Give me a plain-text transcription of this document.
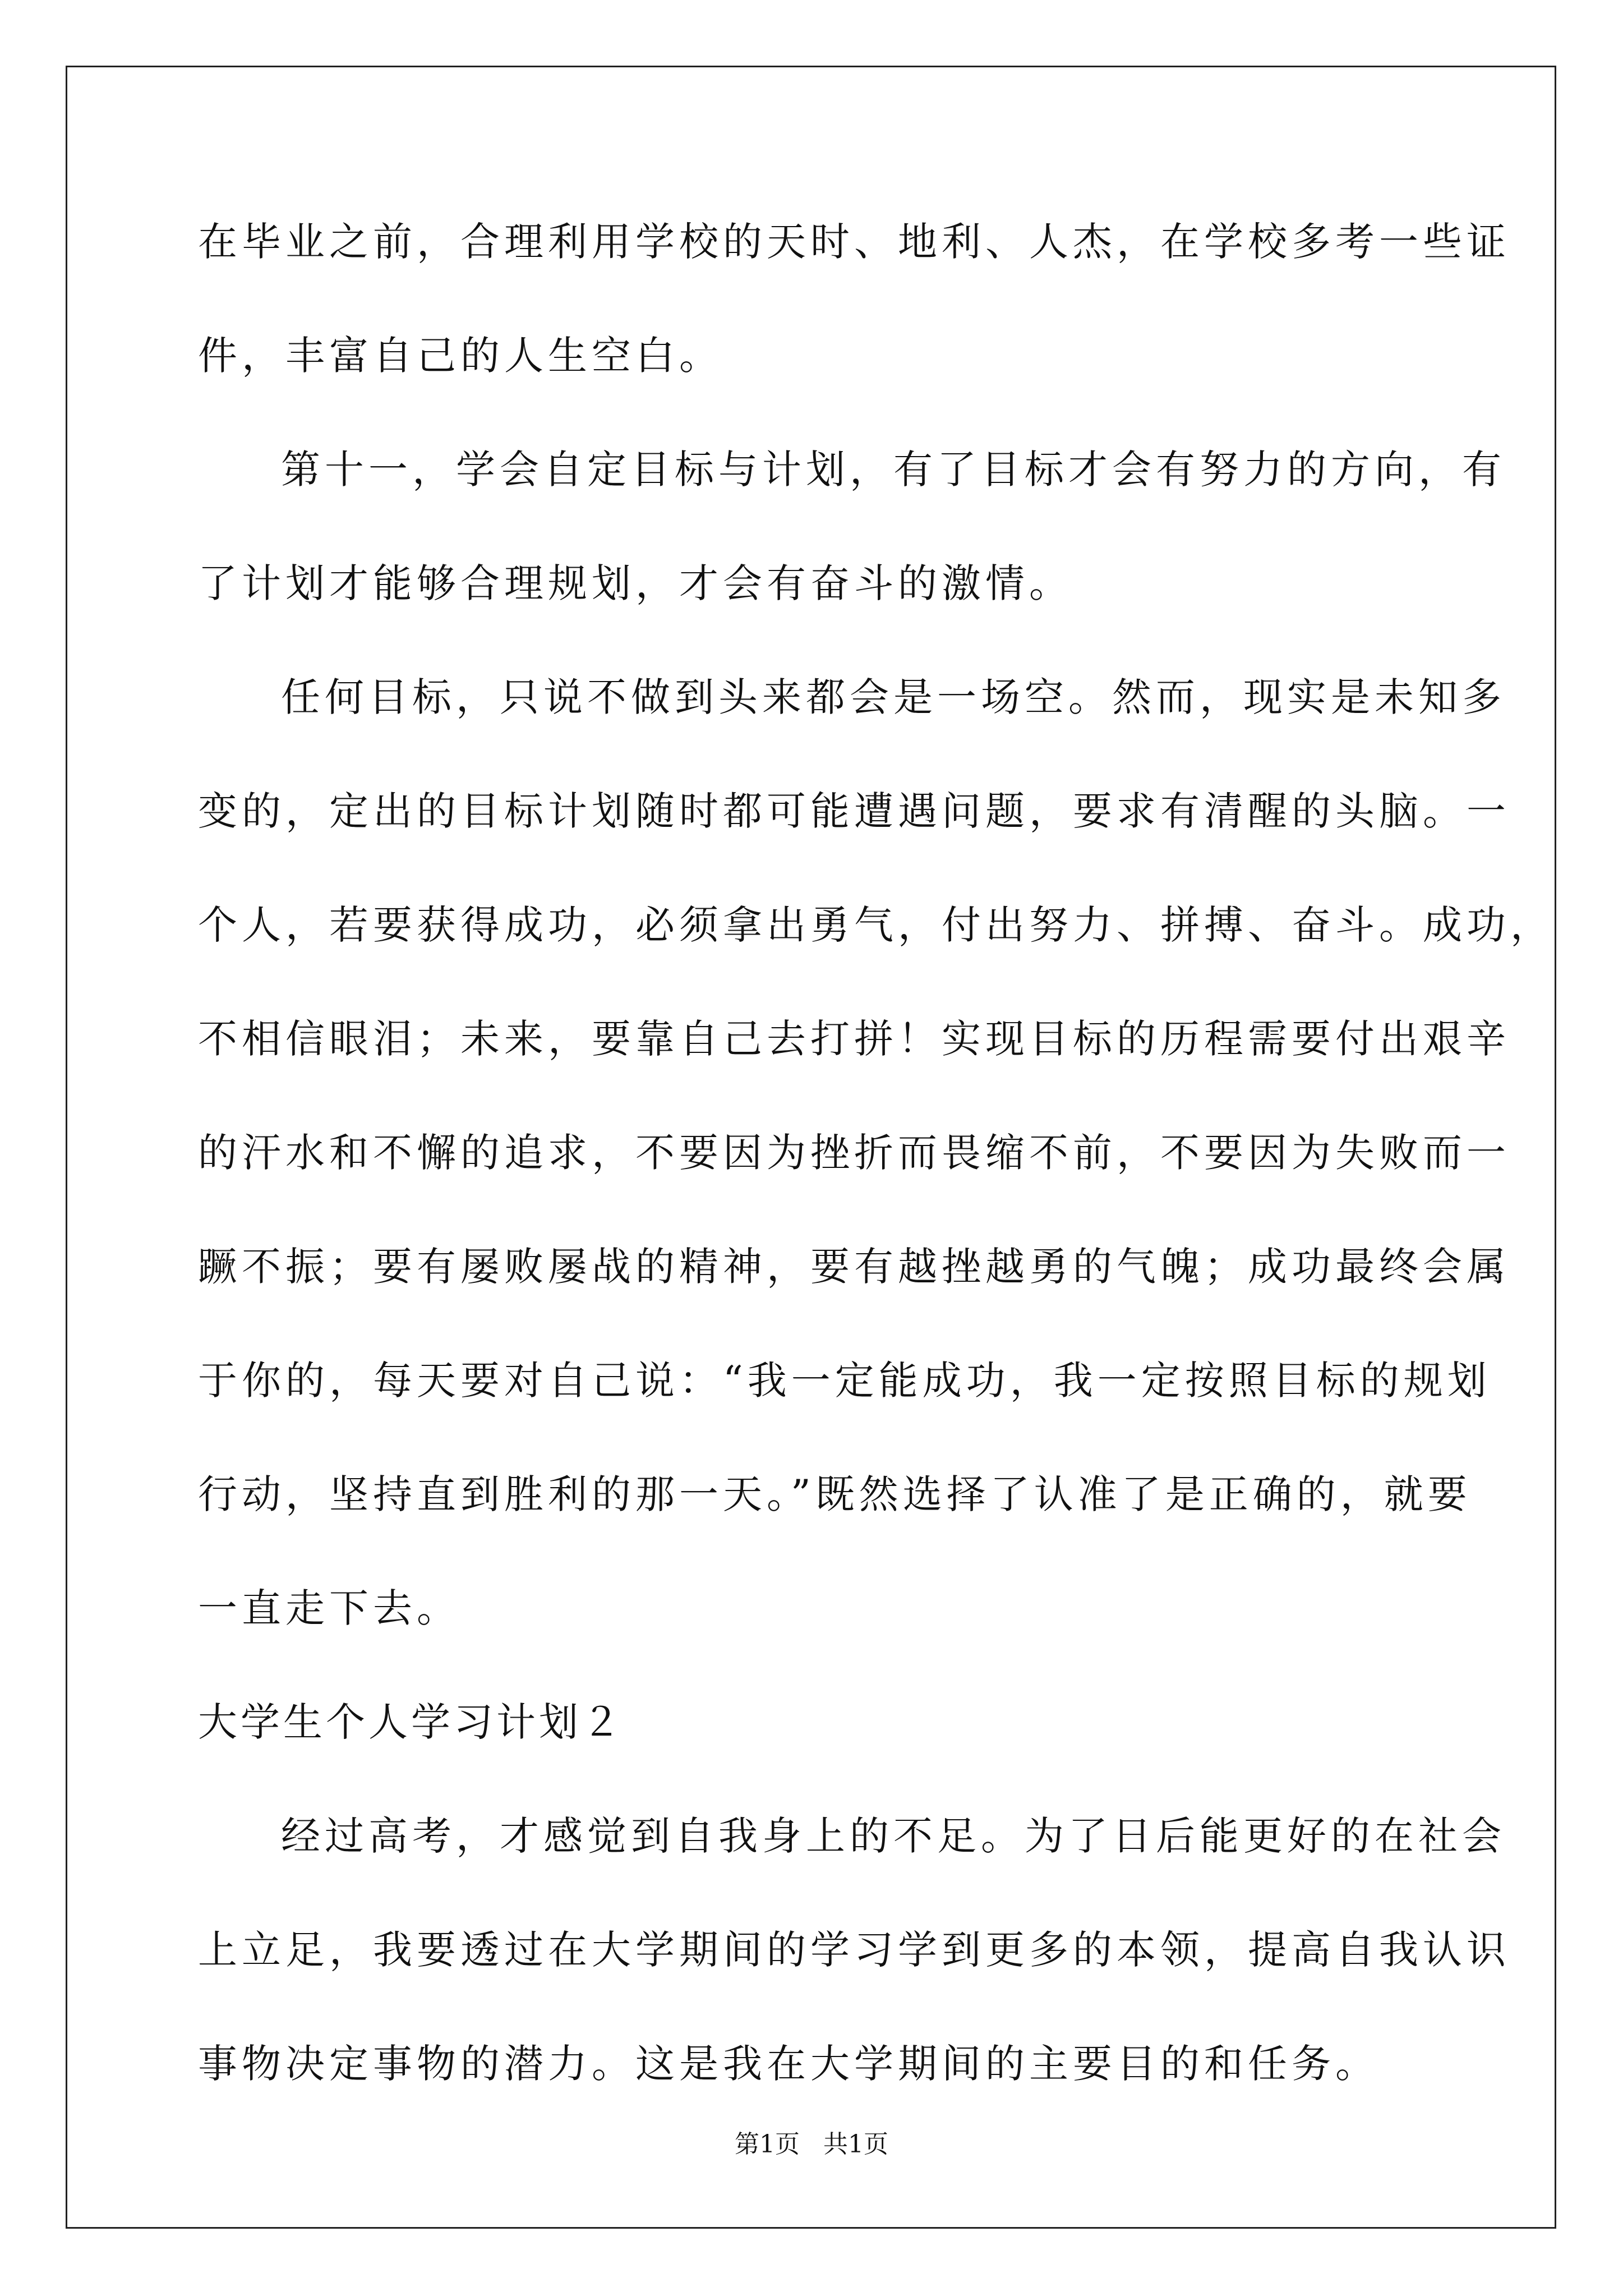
在毕业之前，合理利用学校的天时、地利、人杰，在学校多考一些证
件，丰富自己的人生空白。
第十一，学会自定目标与计划，有了目标才会有努力的方向，有
了计划才能够合理规划，才会有奋斗的激情。
任何目标，只说不做到头来都会是一场空。然而，现实是未知多
变的，定出的目标计划随时都可能遭遇问题，要求有清醒的头脑。一
个人，若要获得成功，必须拿出勇气，付出努力、拼搏、奋斗。成功，
不相信眼泪；未来，要靠自己去打拼！实现目标的历程需要付出艰辛
的汗水和不懈的追求，不要因为挫折而畏缩不前，不要因为失败而一
蹶不振；要有屡败屡战的精神，要有越挫越勇的气魄；成功最终会属
于你的，每天要对自己说：“我一定能成功，我一定按照目标的规划
行动，坚持直到胜利的那一天。”既然选择了认准了是正确的，就要
一直走下去。
大学生个人学习计划２
经过高考，才感觉到自我身上的不足。为了日后能更好的在社会
上立足，我要透过在大学期间的学习学到更多的本领，提高自我认识
事物决定事物的潜力。这是我在大学期间的主要目的和任务。
第1页   共1页
